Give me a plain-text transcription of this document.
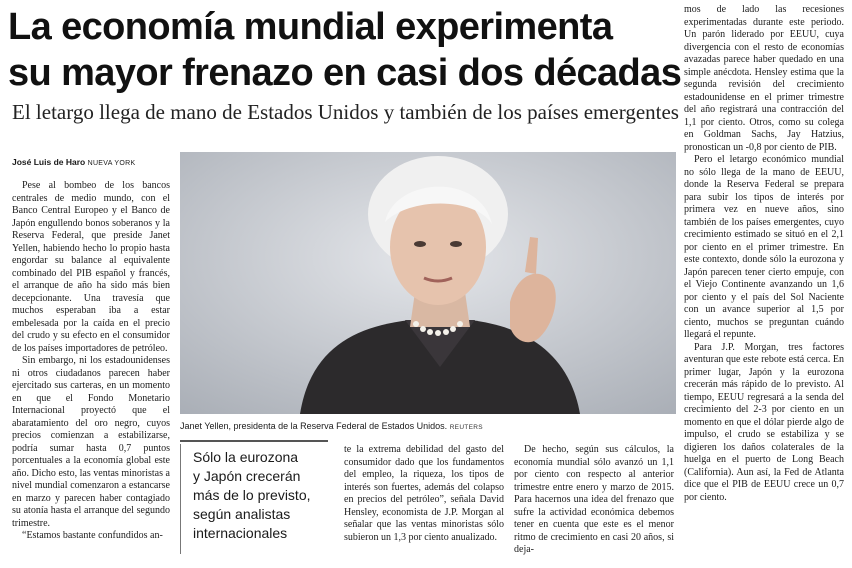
La economía mundial experimenta
su mayor frenazo en casi dos décadas
El letargo llega de mano de Estados Unidos y también de los países emergentes
José Luis de Haro NUEVA YORK

Pese al bombeo de los bancos centrales de medio mundo, con el Banco Central Europeo y el Banco de Japón engullendo bonos soberanos y la Reserva Federal, que preside Janet Yellen, habiendo hecho lo propio hasta engordar su balance al equivalente combinado del PIB español y francés, el arranque de año ha sido más bien decepcionante. Una travesía que muchos esperaban iba a estar embelesada por la caída en el precio del crudo y su efecto en el consumidor de los países importadores de petróleo.

Sin embargo, ni los estadounidenses ni otros ciudadanos parecen haber ejercitado sus carteras, en un momento en que el Fondo Monetario Internacional proyectó que el abaratamiento del oro negro, cuyos precios comienzan a estabilizarse, podría sumar hasta 0,7 puntos porcentuales a la economía global este año. Dicho esto, las ventas minoristas a nivel mundial comenzaron a estancarse en marzo y parecen haber contagiado su atonía hasta el arranque del segundo trimestre.

“Estamos bastante confundidos an-

Janet Yellen, presidenta de la Reserva Federal de Estados Unidos. REUTERS
Sólo la eurozona
y Japón crecerán
más de lo previsto,
según analistas
internacionales

te la extrema debilidad del gasto del consumidor dado que los fundamentos del empleo, la riqueza, los tipos de interés son fuertes, además del colapso en precios del petróleo”, señala David Hensley, economista de J.P. Morgan al señalar que las ventas minoristas sólo subieron un 1,3 por ciento anualizado.

De hecho, según sus cálculos, la economía mundial sólo avanzó un 1,1 por ciento con respecto al anterior trimestre entre enero y marzo de 2015. Para hacernos una idea del frenazo que sufre la actividad económica debemos tener en cuenta que este es el menor ritmo de crecimiento en casi 20 años, si deja-

mos de lado las recesiones experimentadas durante este periodo. Un parón liderado por EEUU, cuya divergencia con el resto de economías avazadas parece haber quedado en una simple anécdota. Hensley estima que la segunda revisión del crecimiento estadounidense en el primer trimestre del año registrará una contracción del 1,1 por ciento. Otros, como su colega en Goldman Sachs, Jay Hatzius, pronostican un -0,8 por ciento de PIB.

Pero el letargo económico mundial no sólo llega de la mano de EEUU, donde la Reserva Federal se prepara para subir los tipos de interés por primera vez en nueve años, sino también de los países emergentes, cuyo crecimiento estimado se situó en el 2,1 por ciento en el primer trimestre. En este contexto, donde sólo la eurozona y Japón parecen tener cierto empuje, con el Viejo Continente avanzando un 1,6 por ciento y el país del Sol Naciente con un avance superior al 1,5 por ciento, muchos se preguntan cuándo llegará el repunte.

Para J.P. Morgan, tres factores aventuran que este rebote está cerca. En primer lugar, Japón y la eurozona crecerán más rápido de lo previsto. Al tiempo, EEUU regresará a la senda del crecimiento del 2-3 por ciento en un momento en que el dólar pierde algo de impulso, el crudo se estabiliza y se digieren los daños colaterales de la huelga en el puerto de Long Beach (California). Aun así, la Fed de Atlanta dice que el PIB de EEUU crece un 0,7 por ciento.
